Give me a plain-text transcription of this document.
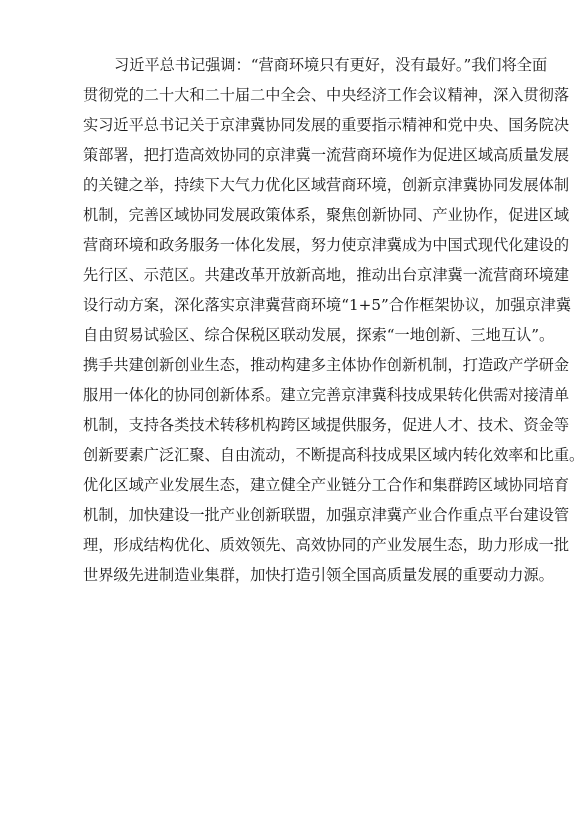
习近平总书记强调：“营商环境只有更好，没有最好。”我们将全面
贯彻党的二十大和二十届二中全会、中央经济工作会议精神，深入贯彻落
实习近平总书记关于京津冀协同发展的重要指示精神和党中央、国务院决
策部署，把打造高效协同的京津冀一流营商环境作为促进区域高质量发展
的关键之举，持续下大气力优化区域营商环境，创新京津冀协同发展体制
机制，完善区域协同发展政策体系，聚焦创新协同、产业协作，促进区域
营商环境和政务服务一体化发展，努力使京津冀成为中国式现代化建设的
先行区、示范区。共建改革开放新高地，推动出台京津冀一流营商环境建
设行动方案，深化落实京津冀营商环境“1+5”合作框架协议，加强京津冀
自由贸易试验区、综合保税区联动发展，探索“一地创新、三地互认”。
携手共建创新创业生态，推动构建多主体协作创新机制，打造政产学研金
服用一体化的协同创新体系。建立完善京津冀科技成果转化供需对接清单
机制，支持各类技术转移机构跨区域提供服务，促进人才、技术、资金等
创新要素广泛汇聚、自由流动，不断提高科技成果区域内转化效率和比重。
优化区域产业发展生态，建立健全产业链分工合作和集群跨区域协同培育
机制，加快建设一批产业创新联盟，加强京津冀产业合作重点平台建设管
理，形成结构优化、质效领先、高效协同的产业发展生态，助力形成一批
世界级先进制造业集群，加快打造引领全国高质量发展的重要动力源。
